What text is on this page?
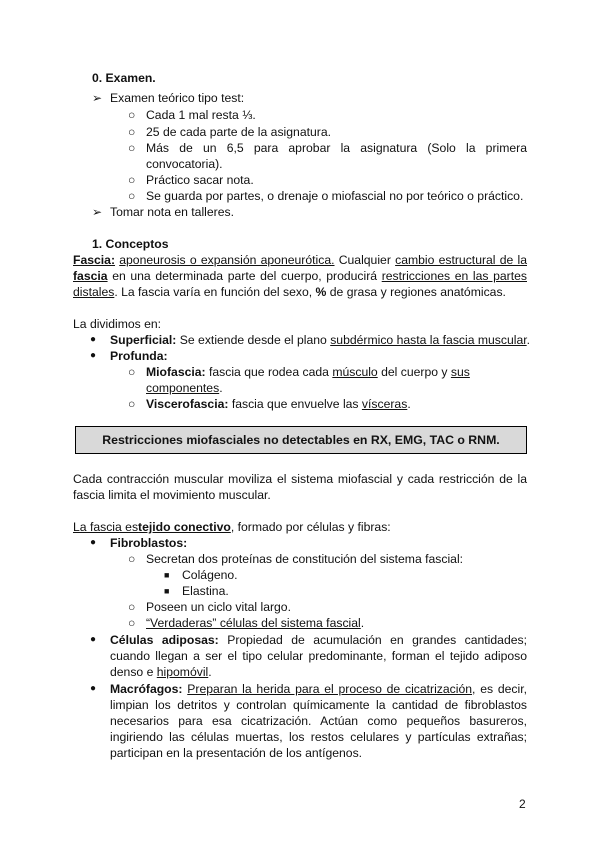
0. Examen.
➢ Examen teórico tipo test:
○ Cada 1 mal resta ⅓.
○ 25 de cada parte de la asignatura.
○ Más de un 6,5 para aprobar la asignatura (Solo la primera
convocatoria).
○ Práctico sacar nota.
○ Se guarda por partes, o drenaje o miofascial no por teórico o práctico.
➢ Tomar nota en talleres.
1. Conceptos
Fascia: aponeurosis o expansión aponeurótica. Cualquier cambio estructural de la
fascia en una determinada parte del cuerpo, producirá restricciones en las partes
distales. La fascia varía en función del sexo, % de grasa y regiones anatómicas.
La dividimos en:
● Superficial: Se extiende desde el plano subdérmico hasta la fascia muscular.
● Profunda:
○ Miofascia: fascia que rodea cada músculo del cuerpo y sus
componentes.
○ Viscerofascia: fascia que envuelve las vísceras.
Restricciones miofasciales no detectables en RX, EMG, TAC o RNM.
Cada contracción muscular moviliza el sistema miofascial y cada restricción de la
fascia limita el movimiento muscular.
La fascia estejido conectivo, formado por células y fibras:
● Fibroblastos:
○ Secretan dos proteínas de constitución del sistema fascial:
■ Colágeno.
■ Elastina.
○ Poseen un ciclo vital largo.
○ “Verdaderas” células del sistema fascial.
● Células adiposas: Propiedad de acumulación en grandes cantidades;
cuando llegan a ser el tipo celular predominante, forman el tejido adiposo
denso e hipomóvil.
● Macrófagos: Preparan la herida para el proceso de cicatrización, es decir,
limpian los detritos y controlan químicamente la cantidad de fibroblastos
necesarios para esa cicatrización. Actúan como pequeños basureros,
ingiriendo las células muertas, los restos celulares y partículas extrañas;
participan en la presentación de los antígenos.
2
